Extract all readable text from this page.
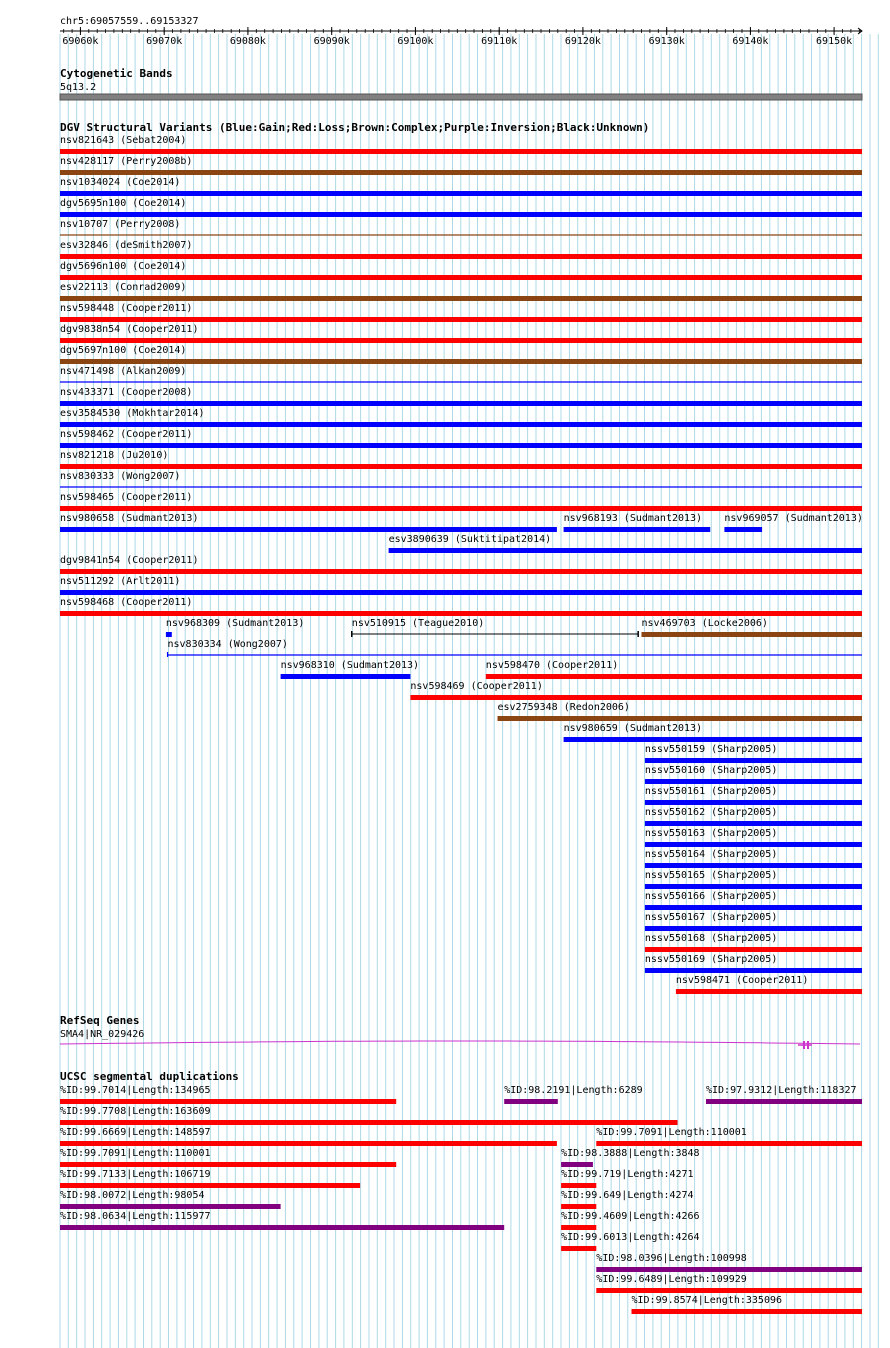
chr5:69057559..69153327
69060k	69070k	69080k	69090k	69100k	69110k	69120k	69130k	69140k	69150k
Cytogenetic Bands
5q13.2
DGV Structural Variants (Blue:Gain;Red:Loss;Brown:Complex;Purple:Inversion;Black:Unknown)
nsv821643 (Sebat2004)
nsv428117 (Perry2008b)
nsv1034024 (Coe2014)
dgv5695n100 (Coe2014)
nsv10707 (Perry2008)
esv32846 (deSmith2007)
dgv5696n100 (Coe2014)
esv22113 (Conrad2009)
nsv598448 (Cooper2011)
dgv9838n54 (Cooper2011)
dgv5697n100 (Coe2014)
nsv471498 (Alkan2009)
nsv433371 (Cooper2008)
esv3584530 (Mokhtar2014)
nsv598462 (Cooper2011)
nsv821218 (Ju2010)
nsv830333 (Wong2007)
nsv598465 (Cooper2011)
nsv980658 (Sudmant2013)	nsv968193 (Sudmant2013) nsv969057 (Sudmant2013)
esv3890639 (Suktitipat2014)
dgv9841n54 (Cooper2011)
nsv511292 (Arlt2011)
nsv598468 (Cooper2011)
nsv968309 (Sudmant2013)	nsv510915 (Teague2010)	nsv469703 (Locke2006)
nsv830334 (Wong2007)
nsv968310 (Sudmant2013)	nsv598470 (Cooper2011)
nsv598469 (Cooper2011)
esv2759348 (Redon2006)
nsv980659 (Sudmant2013)
nssv550159 (Sharp2005)
nssv550160 (Sharp2005)
nssv550161 (Sharp2005)
nssv550162 (Sharp2005)
nssv550163 (Sharp2005)
nssv550164 (Sharp2005)
nssv550165 (Sharp2005)
nssv550166 (Sharp2005)
nssv550167 (Sharp2005)
nssv550168 (Sharp2005)
nssv550169 (Sharp2005)
nsv598471 (Cooper2011)
RefSeq Genes
SMA4|NR_029426
UCSC segmental duplications
%ID:99.7014|Length:134965	%ID:98.2191|Length:6289	%ID:97.9312|Length:118327
%ID:99.7708|Length:163609
%ID:99.6669|Length:148597	%ID:99.7091|Length:110001
%ID:99.7091|Length:110001	%ID:98.3888|Length:3848
%ID:99.7133|Length:106719	%ID:99.719|Length:4271
%ID:98.0072|Length:98054	%ID:99.649|Length:4274
%ID:98.0634|Length:115977	%ID:99.4609|Length:4266
%ID:99.6013|Length:4264
%ID:98.0396|Length:100998
%ID:99.6489|Length:109929
%ID:99.8574|Length:335096
